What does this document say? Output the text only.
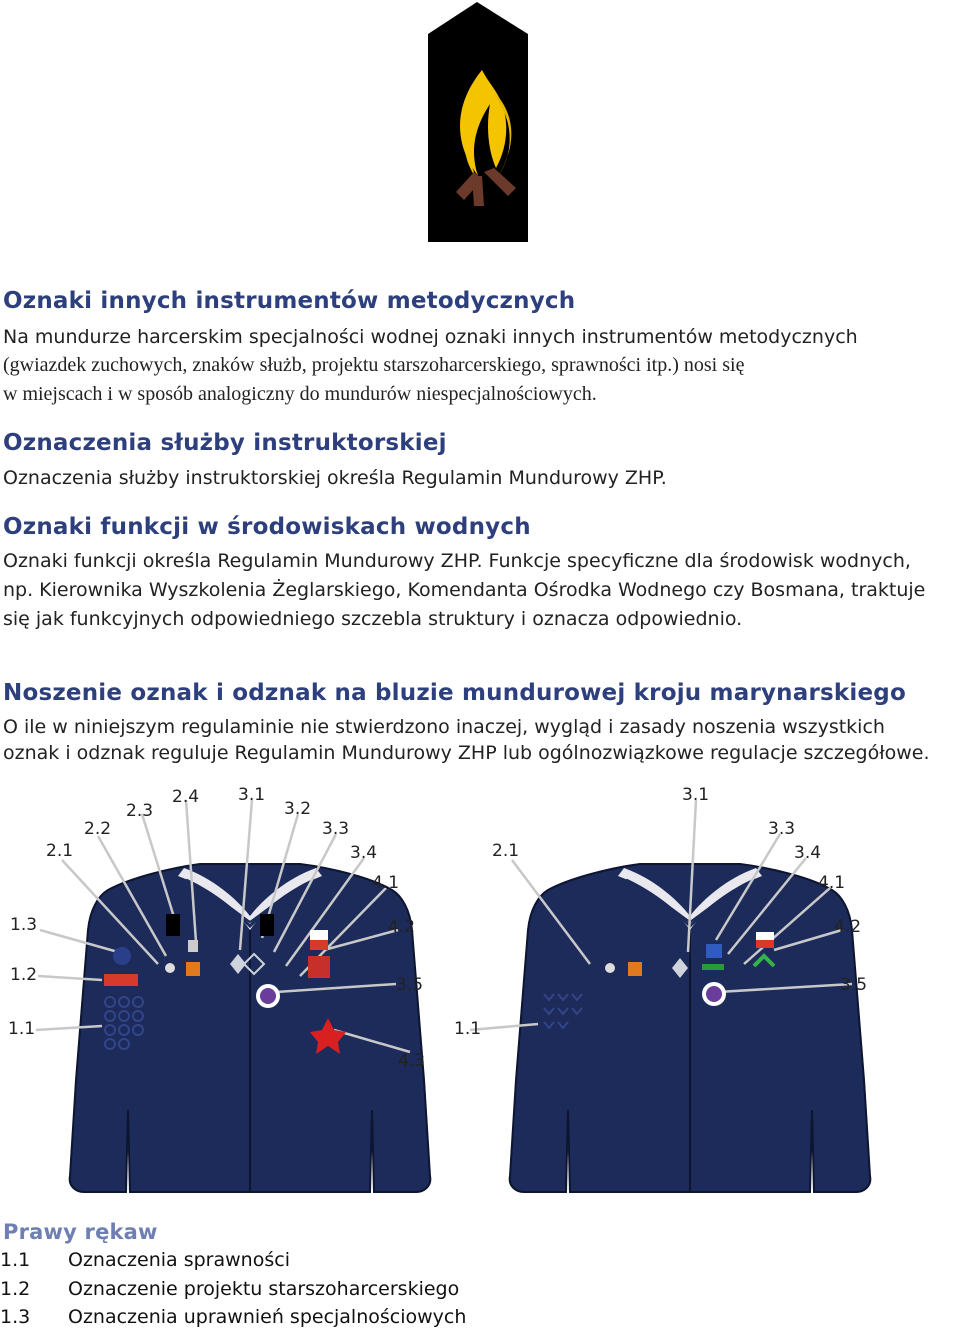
Oznaki innych instrumentów metodycznych
Na mundurze harcerskim specjalności wodnej oznaki innych instrumentów metodycznych
(gwiazdek zuchowych, znaków służb, projektu starszoharcerskiego, sprawności itp.) nosi się
w miejscach i w sposób analogiczny do mundurów niespecjalnościowych.
Oznaczenia służby instruktorskiej
Oznaczenia służby instruktorskiej określa Regulamin Mundurowy ZHP.
Oznaki funkcji w środowiskach wodnych
Oznaki funkcji określa Regulamin Mundurowy ZHP. Funkcje specyficzne dla środowisk wodnych,
np. Kierownika Wyszkolenia Żeglarskiego, Komendanta Ośrodka Wodnego czy Bosmana, traktuje
się jak funkcyjnych odpowiedniego szczebla struktury i oznacza odpowiednio.
Noszenie oznak i odznak na bluzie mundurowej kroju marynarskiego
O ile w niniejszym regulaminie nie stwierdzono inaczej, wygląd i zasady noszenia wszystkich
oznak i odznak reguluje Regulamin Mundurowy ZHP lub ogólnozwiązkowe regulacje szczegółowe.
2.4 3.1
2.3	3.2
2.2	3.3
2.1	3.4
4.1
1.3	4.2
1.2	3.5
1.1
4.3
3.1
3.3
2.1	3.4
4.1
4.2
3.5
1.1
Prawy rękaw
1.1 Oznaczenia sprawności
1.2 Oznaczenie projektu starszoharcerskiego
1.3 Oznaczenia uprawnień specjalnościowych
